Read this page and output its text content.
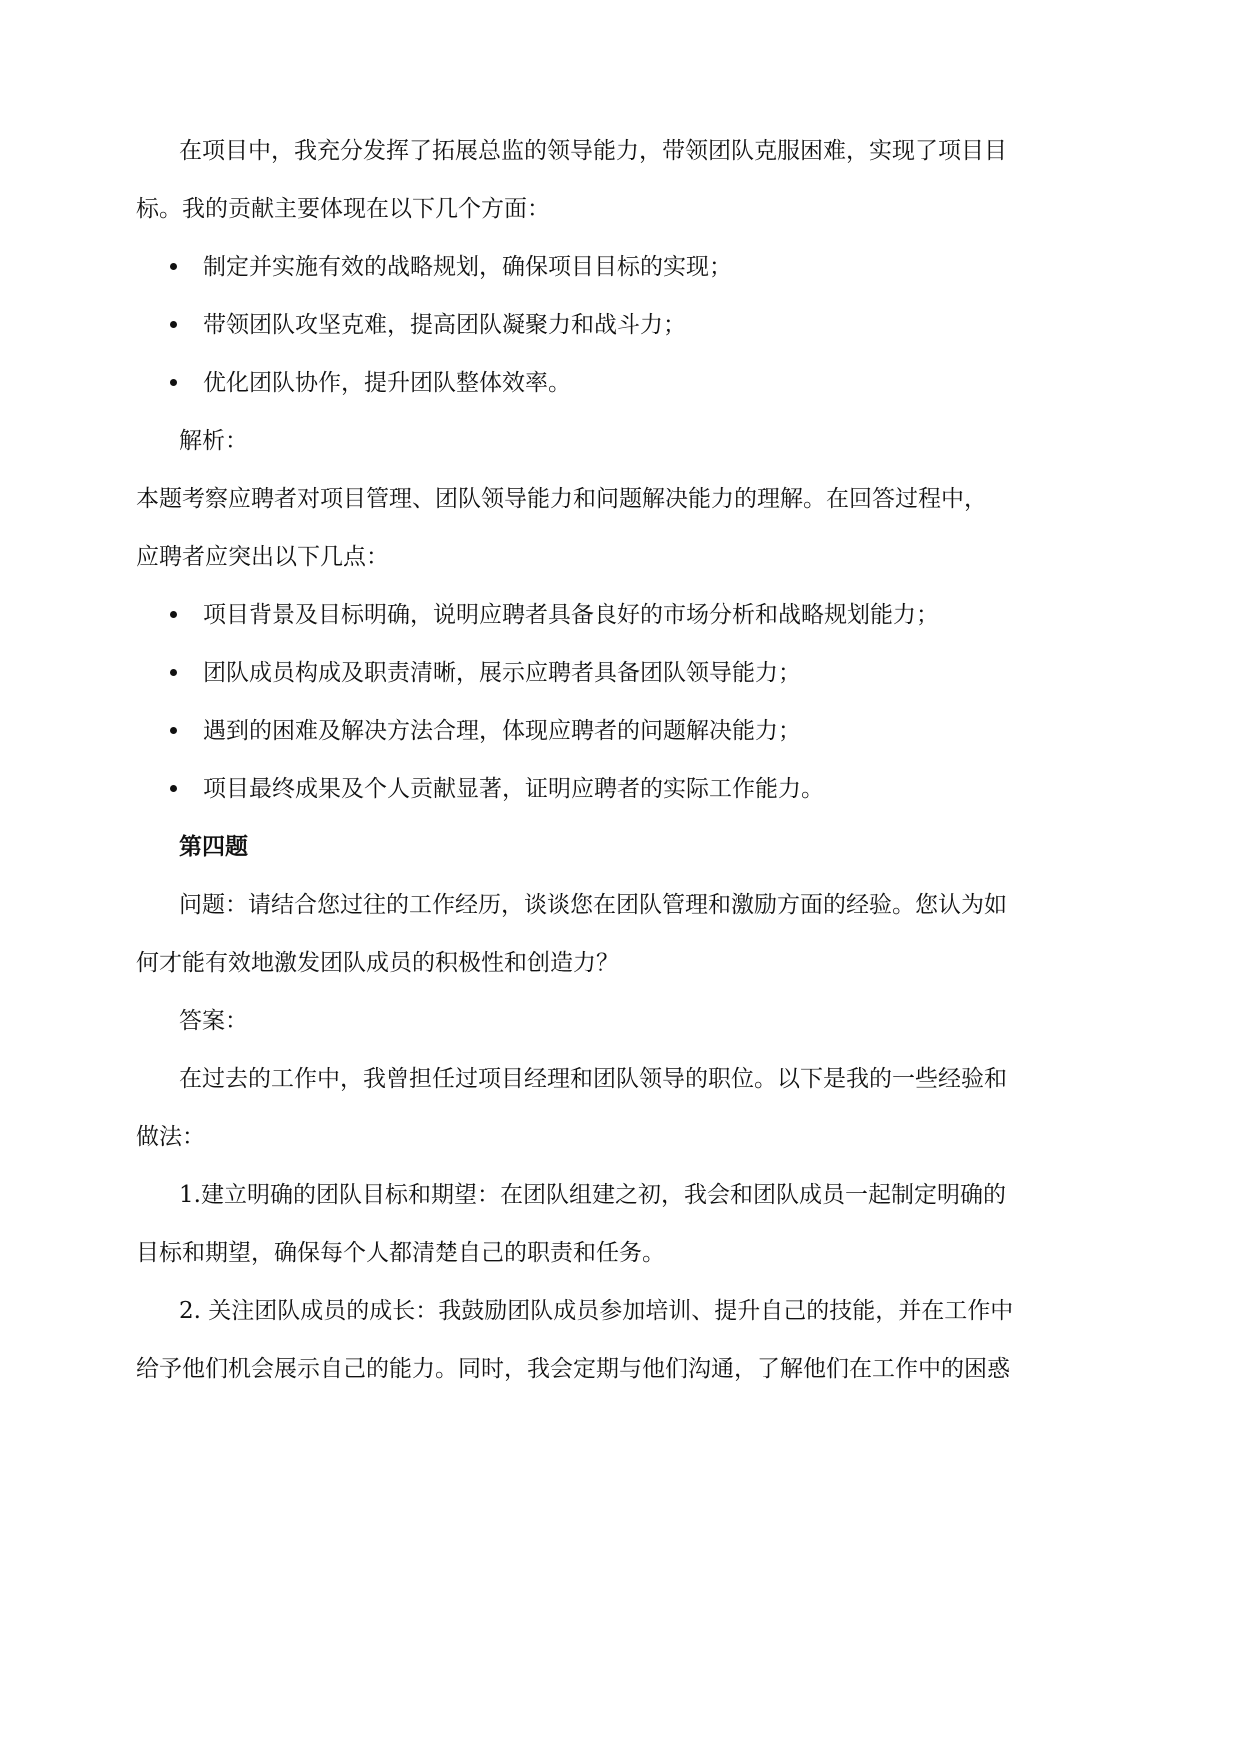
在项目中，我充分发挥了拓展总监的领导能力，带领团队克服困难，实现了项目目
标。我的贡献主要体现在以下几个方面：
制定并实施有效的战略规划，确保项目目标的实现；
带领团队攻坚克难，提高团队凝聚力和战斗力；
优化团队协作，提升团队整体效率。
解析：
本题考察应聘者对项目管理、团队领导能力和问题解决能力的理解。在回答过程中，
应聘者应突出以下几点：
项目背景及目标明确，说明应聘者具备良好的市场分析和战略规划能力；
团队成员构成及职责清晰，展示应聘者具备团队领导能力；
遇到的困难及解决方法合理，体现应聘者的问题解决能力；
项目最终成果及个人贡献显著，证明应聘者的实际工作能力。
第四题
问题：请结合您过往的工作经历，谈谈您在团队管理和激励方面的经验。您认为如
何才能有效地激发团队成员的积极性和创造力？
答案：
在过去的工作中，我曾担任过项目经理和团队领导的职位。以下是我的一些经验和
做法：
1.建立明确的团队目标和期望：在团队组建之初，我会和团队成员一起制定明确的
目标和期望，确保每个人都清楚自己的职责和任务。
2. 关注团队成员的成长：我鼓励团队成员参加培训、提升自己的技能，并在工作中
给予他们机会展示自己的能力。同时，我会定期与他们沟通，了解他们在工作中的困惑
